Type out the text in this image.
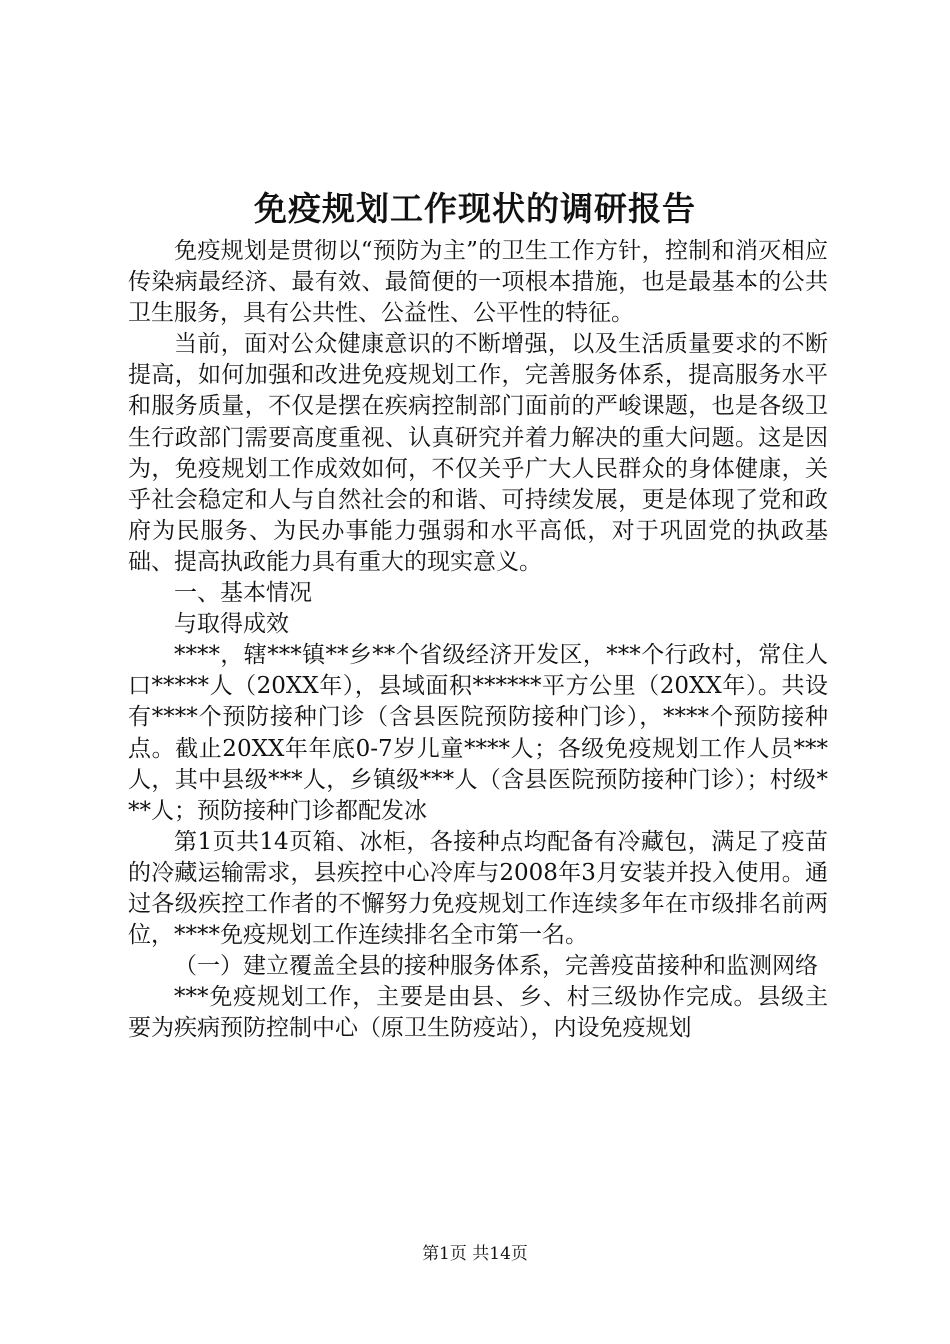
免疫规划工作现状的调研报告

免疫规划是贯彻以“预防为主”的卫生工作方针，控制和消灭相应传染病最经济、最有效、最简便的一项根本措施，也是最基本的公共卫生服务，具有公共性、公益性、公平性的特征。

当前，面对公众健康意识的不断增强，以及生活质量要求的不断提高，如何加强和改进免疫规划工作，完善服务体系，提高服务水平和服务质量，不仅是摆在疾病控制部门面前的严峻课题，也是各级卫生行政部门需要高度重视、认真研究并着力解决的重大问题。这是因为，免疫规划工作成效如何，不仅关乎广大人民群众的身体健康，关乎社会稳定和人与自然社会的和谐、可持续发展，更是体现了党和政府为民服务、为民办事能力强弱和水平高低，对于巩固党的执政基础、提高执政能力具有重大的现实意义。

一、基本情况

与取得成效

****，辖***镇**乡**个省级经济开发区，***个行政村，常住人口*****人（20XX年），县域面积******平方公里（20XX年）。共设有****个预防接种门诊（含县医院预防接种门诊），****个预防接种点。截止20XX年年底0-7岁儿童****人；各级免疫规划工作人员***人，其中县级***人，乡镇级***人（含县医院预防接种门诊）；村级***人；预防接种门诊都配发冰

第1页共14页箱、冰柜，各接种点均配备有冷藏包，满足了疫苗的冷藏运输需求，县疾控中心冷库与2008年3月安装并投入使用。通过各级疾控工作者的不懈努力免疫规划工作连续多年在市级排名前两位，****免疫规划工作连续排名全市第一名。

（一）建立覆盖全县的接种服务体系，完善疫苗接种和监测网络

***免疫规划工作，主要是由县、乡、村三级协作完成。县级主要为疾病预防控制中心（原卫生防疫站），内设免疫规划

第1页 共14页
